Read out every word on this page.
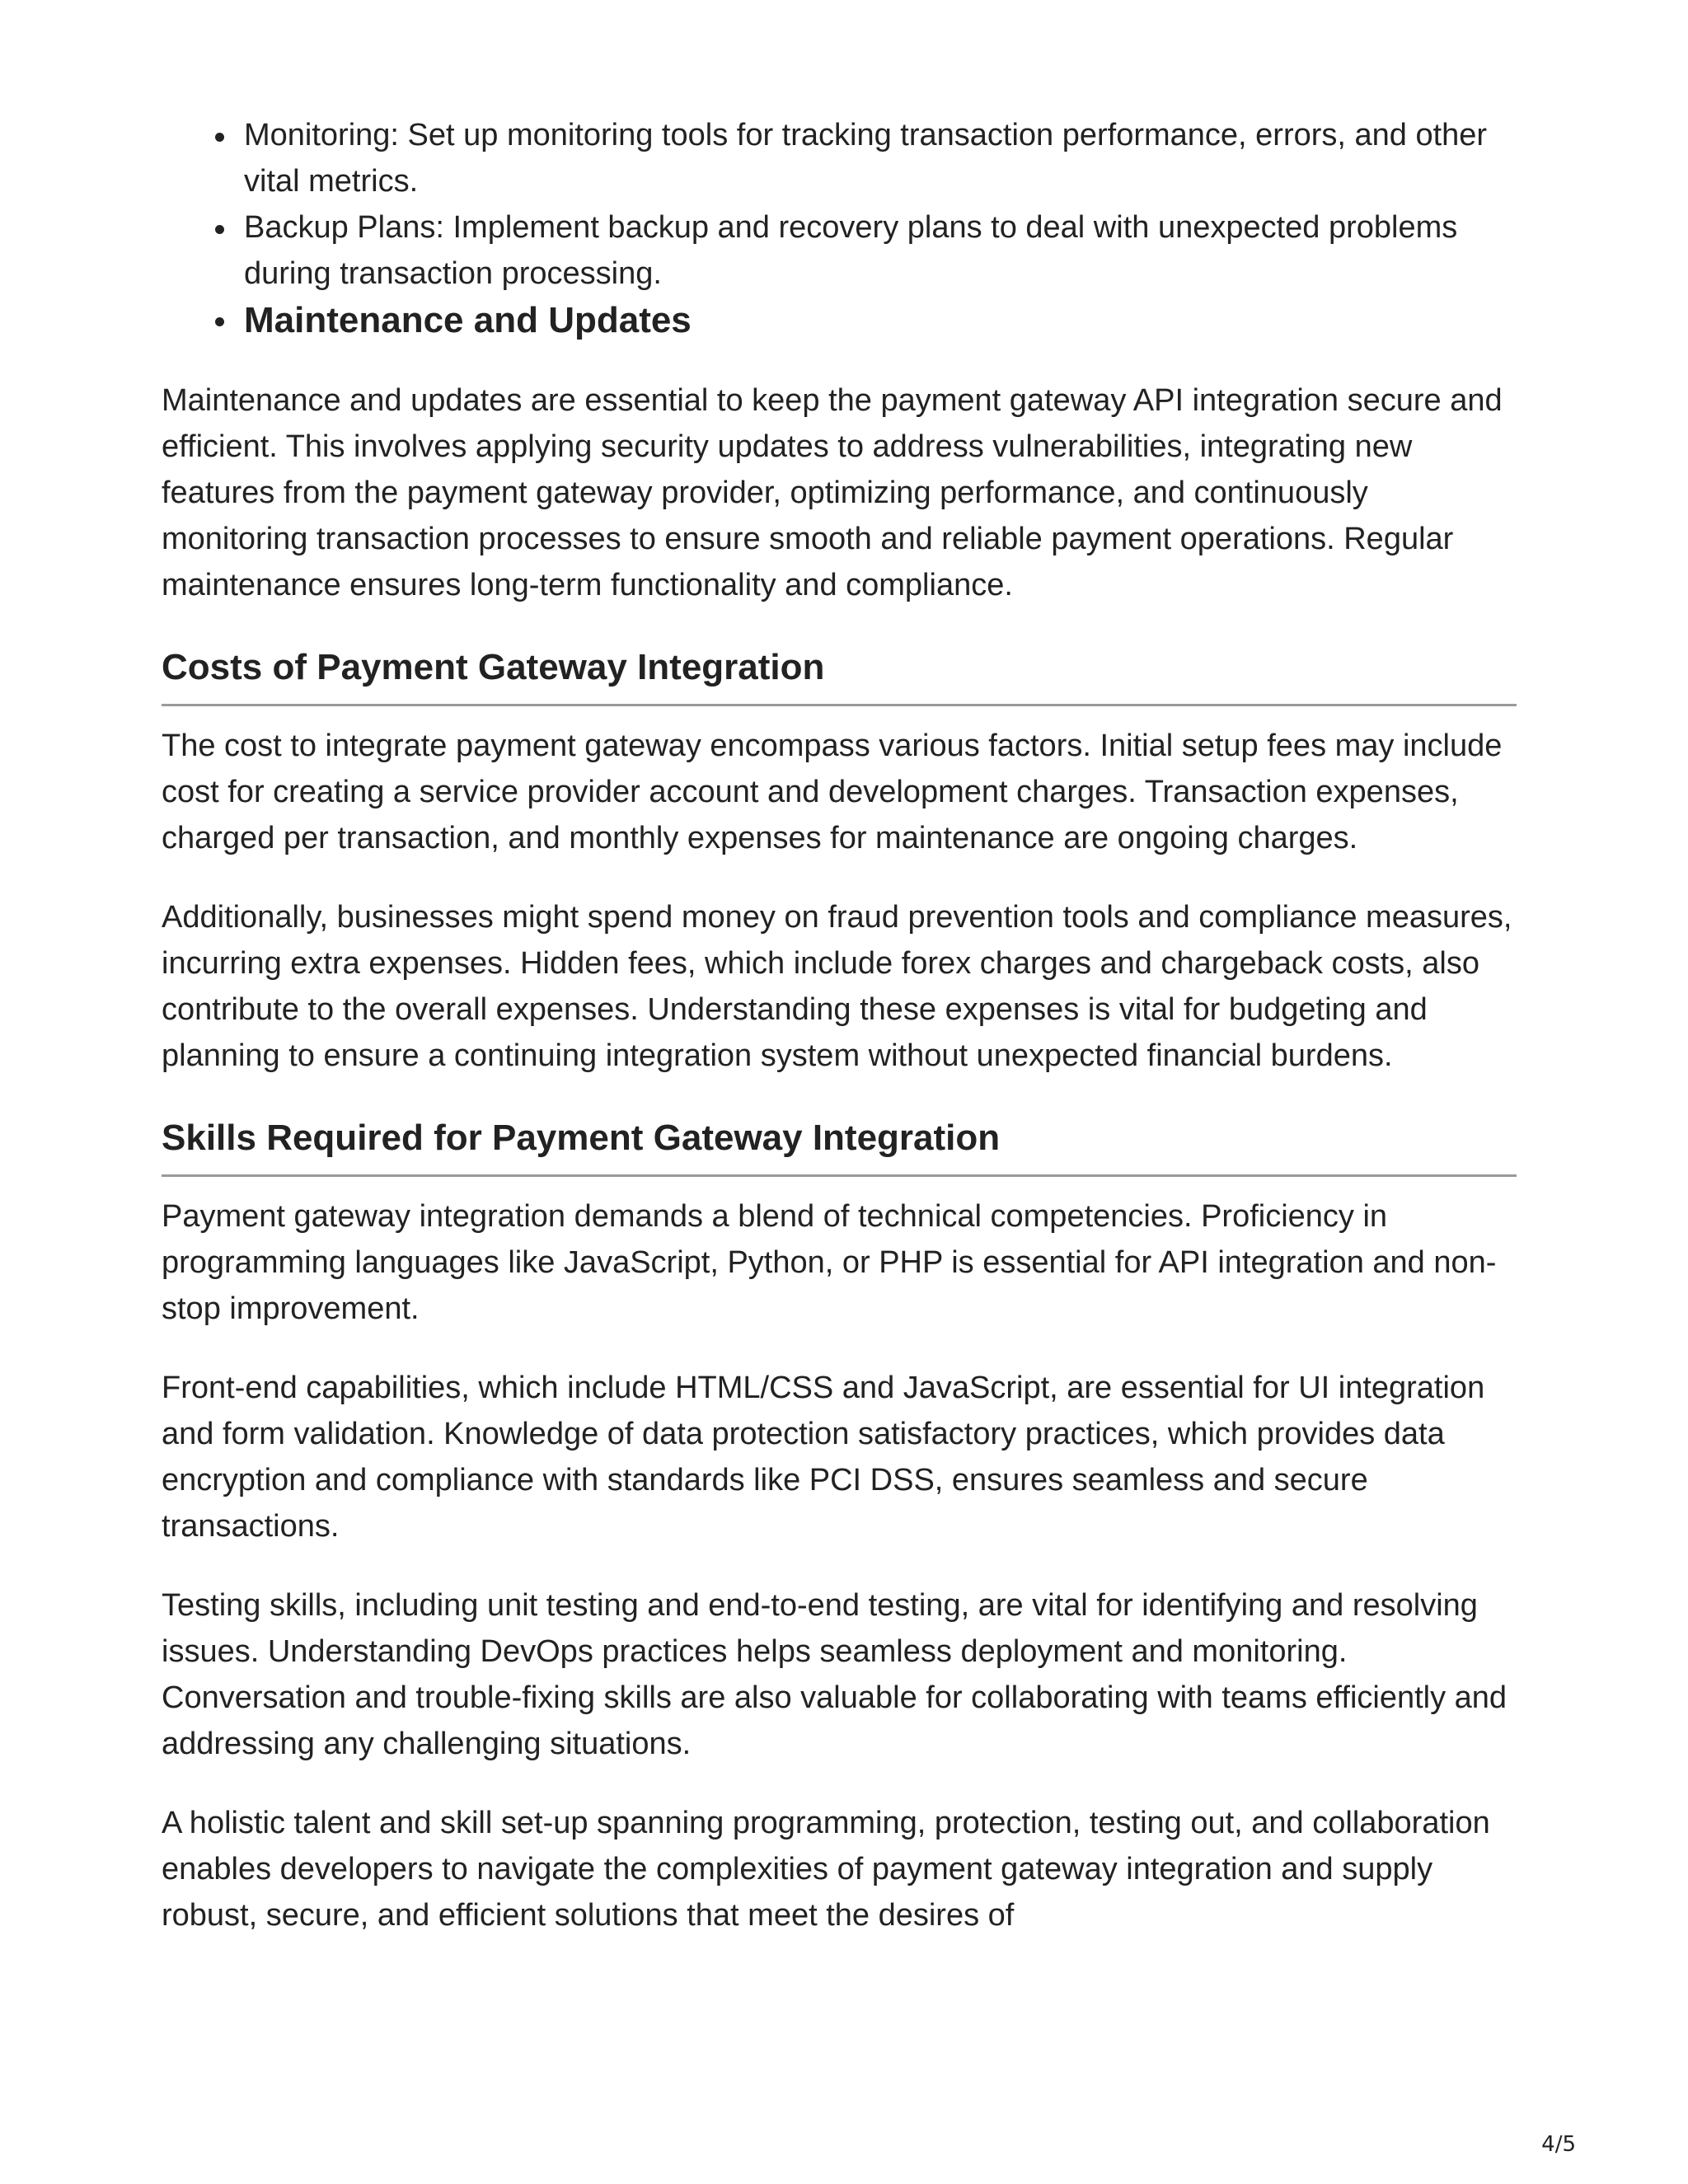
Monitoring: Set up monitoring tools for tracking transaction performance, errors, and other vital metrics.
Backup Plans: Implement backup and recovery plans to deal with unexpected problems during transaction processing.
Maintenance and Updates

Maintenance and updates are essential to keep the payment gateway API integration secure and efficient. This involves applying security updates to address vulnerabilities, integrating new features from the payment gateway provider, optimizing performance, and continuously monitoring transaction processes to ensure smooth and reliable payment operations. Regular maintenance ensures long-term functionality and compliance.

Costs of Payment Gateway Integration

The cost to integrate payment gateway encompass various factors. Initial setup fees may include cost for creating a service provider account and development charges. Transaction expenses, charged per transaction, and monthly expenses for maintenance are ongoing charges.

Additionally, businesses might spend money on fraud prevention tools and compliance measures, incurring extra expenses. Hidden fees, which include forex charges and chargeback costs, also contribute to the overall expenses. Understanding these expenses is vital for budgeting and planning to ensure a continuing integration system without unexpected financial burdens.

Skills Required for Payment Gateway Integration

Payment gateway integration demands a blend of technical competencies. Proficiency in programming languages like JavaScript, Python, or PHP is essential for API integration and non-stop improvement.

Front-end capabilities, which include HTML/CSS and JavaScript, are essential for UI integration and form validation. Knowledge of data protection satisfactory practices, which provides data encryption and compliance with standards like PCI DSS, ensures seamless and secure transactions.

Testing skills, including unit testing and end-to-end testing, are vital for identifying and resolving issues. Understanding DevOps practices helps seamless deployment and monitoring. Conversation and trouble-fixing skills are also valuable for collaborating with teams efficiently and addressing any challenging situations.

A holistic talent and skill set-up spanning programming, protection, testing out, and collaboration enables developers to navigate the complexities of payment gateway integration and supply robust, secure, and efficient solutions that meet the desires of

4/5
